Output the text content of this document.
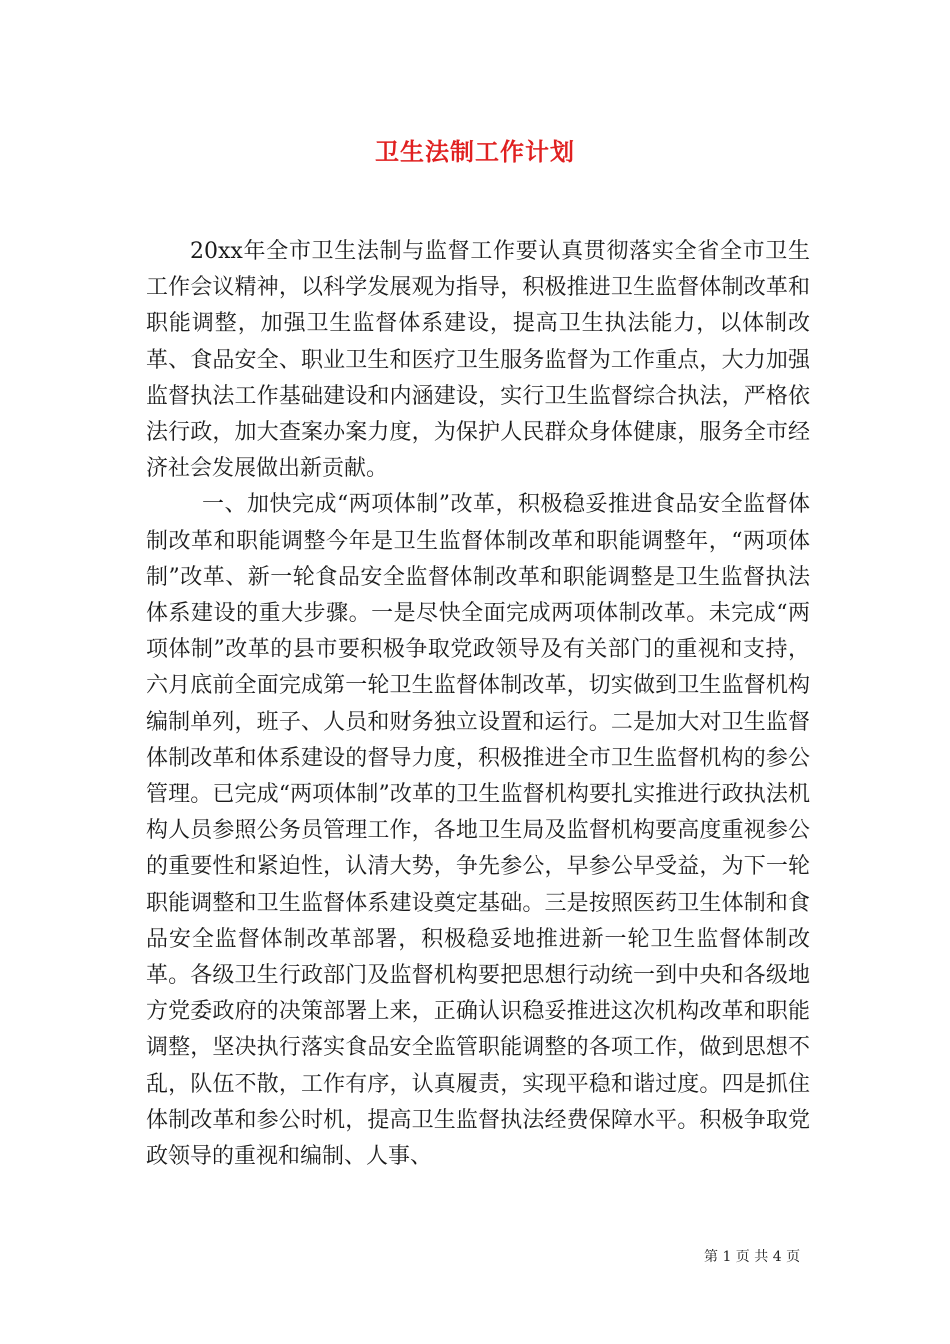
卫生法制工作计划

20xx年全市卫生法制与监督工作要认真贯彻落实全省全市卫生工作会议精神，以科学发展观为指导，积极推进卫生监督体制改革和职能调整，加强卫生监督体系建设，提高卫生执法能力，以体制改革、食品安全、职业卫生和医疗卫生服务监督为工作重点，大力加强监督执法工作基础建设和内涵建设，实行卫生监督综合执法，严格依法行政，加大查案办案力度，为保护人民群众身体健康，服务全市经济社会发展做出新贡献。

一、加快完成“两项体制”改革，积极稳妥推进食品安全监督体制改革和职能调整今年是卫生监督体制改革和职能调整年，“两项体制”改革、新一轮食品安全监督体制改革和职能调整是卫生监督执法体系建设的重大步骤。一是尽快全面完成两项体制改革。未完成“两项体制”改革的县市要积极争取党政领导及有关部门的重视和支持，六月底前全面完成第一轮卫生监督体制改革，切实做到卫生监督机构编制单列，班子、人员和财务独立设置和运行。二是加大对卫生监督体制改革和体系建设的督导力度，积极推进全市卫生监督机构的参公管理。已完成“两项体制”改革的卫生监督机构要扎实推进行政执法机构人员参照公务员管理工作，各地卫生局及监督机构要高度重视参公的重要性和紧迫性，认清大势，争先参公，早参公早受益，为下一轮职能调整和卫生监督体系建设奠定基础。三是按照医药卫生体制和食品安全监督体制改革部署，积极稳妥地推进新一轮卫生监督体制改革。各级卫生行政部门及监督机构要把思想行动统一到中央和各级地方党委政府的决策部署上来，正确认识稳妥推进这次机构改革和职能调整，坚决执行落实食品安全监管职能调整的各项工作，做到思想不乱，队伍不散，工作有序，认真履责，实现平稳和谐过度。四是抓住体制改革和参公时机，提高卫生监督执法经费保障水平。积极争取党政领导的重视和编制、人事、

第 1 页 共 4 页
